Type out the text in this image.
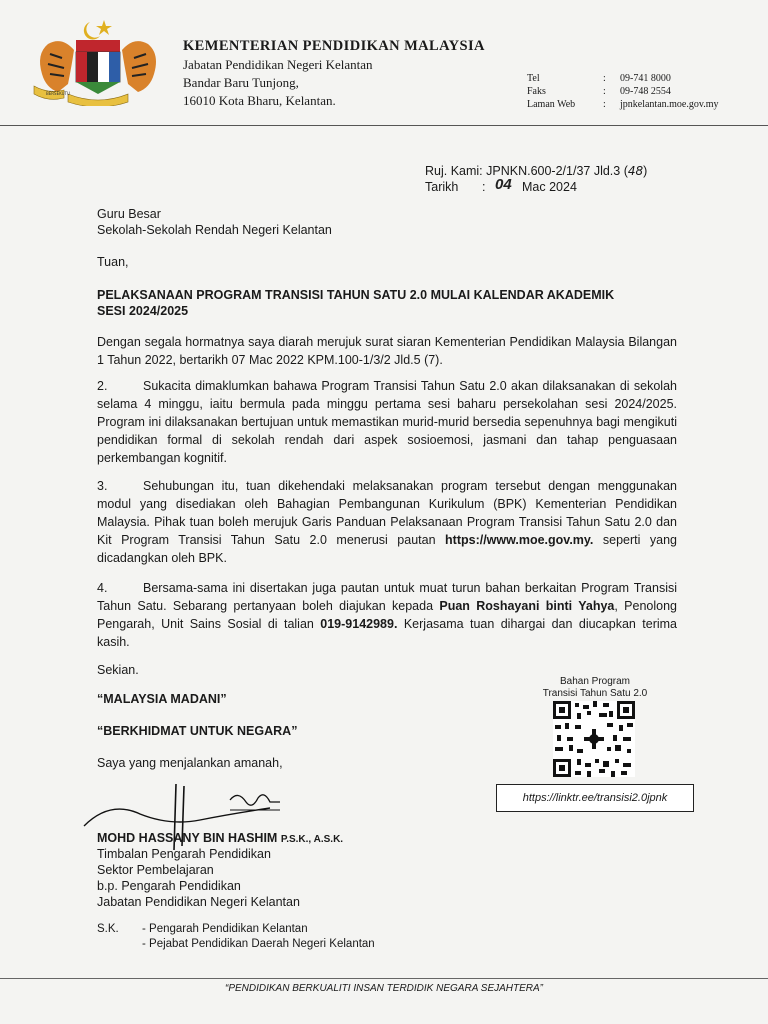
BERSEKUTU
KEMENTERIAN PENDIDIKAN MALAYSIA
Jabatan Pendidikan Negeri Kelantan
Bandar Baru Tunjong,
16010 Kota Bharu, Kelantan.
Tel	: 09-741 8000
Faks	: 09-748 2554
Laman Web	: jpnkelantan.moe.gov.my
Ruj. Kami: JPNKN.600-2/1/37 Jld.3 (48)
Tarikh : 04 Mac 2024
Guru Besar
Sekolah-Sekolah Rendah Negeri Kelantan
Tuan,
PELAKSANAAN PROGRAM TRANSISI TAHUN SATU 2.0 MULAI KALENDAR AKADEMIK
SESI 2024/2025
Dengan segala hormatnya saya diarah merujuk surat siaran Kementerian Pendidikan Malaysia Bilangan 1 Tahun 2022, bertarikh 07 Mac 2022 KPM.100-1/3/2 Jld.5 (7).
2.	Sukacita dimaklumkan bahawa Program Transisi Tahun Satu 2.0 akan dilaksanakan di sekolah selama 4 minggu, iaitu bermula pada minggu pertama sesi baharu persekolahan sesi 2024/2025. Program ini dilaksanakan bertujuan untuk memastikan murid-murid bersedia sepenuhnya bagi mengikuti pendidikan formal di sekolah rendah dari aspek sosioemosi, jasmani dan tahap penguasaan perkembangan kognitif.
3.	Sehubungan itu, tuan dikehendaki melaksanakan program tersebut dengan menggunakan modul yang disediakan oleh Bahagian Pembangunan Kurikulum (BPK) Kementerian Pendidikan Malaysia. Pihak tuan boleh merujuk Garis Panduan Pelaksanaan Program Transisi Tahun Satu 2.0 dan Kit Program Transisi Tahun Satu 2.0 menerusi pautan https://www.moe.gov.my. seperti yang dicadangkan oleh BPK.
4.	Bersama-sama ini disertakan juga pautan untuk muat turun bahan berkaitan Program Transisi Tahun Satu. Sebarang pertanyaan boleh diajukan kepada Puan Roshayani binti Yahya, Penolong Pengarah, Unit Sains Sosial di talian 019-9142989. Kerjasama tuan dihargai dan diucapkan terima kasih.
Sekian.
“MALAYSIA MADANI”
“BERKHIDMAT UNTUK NEGARA”
Saya yang menjalankan amanah,
Bahan Program
Transisi Tahun Satu 2.0
https://linktr.ee/transisi2.0jpnk
MOHD HASSANY BIN HASHIM P.S.K., A.S.K.
Timbalan Pengarah Pendidikan
Sektor Pembelajaran
b.p. Pengarah Pendidikan
Jabatan Pendidikan Negeri Kelantan
S.K. - Pengarah Pendidikan Kelantan
- Pejabat Pendidikan Daerah Negeri Kelantan
“PENDIDIKAN BERKUALITI INSAN TERDIDIK NEGARA SEJAHTERA”
